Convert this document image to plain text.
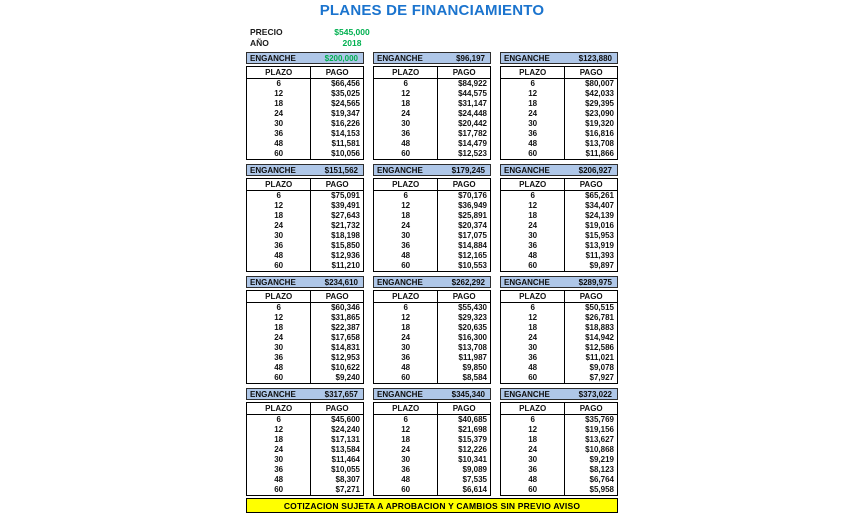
PLANES DE FINANCIAMIENTO
PRECIO	$545,000
AÑO	2018
ENGANCHE	$200,000
PLAZO	PAGO
6	$66,456
12	$35,025
18	$24,565
24	$19,347
30	$16,226
36	$14,153
48	$11,581
60	$10,056
ENGANCHE	$96,197
PLAZO	PAGO
6	$84,922
12	$44,575
18	$31,147
24	$24,448
30	$20,442
36	$17,782
48	$14,479
60	$12,523
ENGANCHE	$123,880
PLAZO	PAGO
6	$80,007
12	$42,033
18	$29,395
24	$23,090
30	$19,320
36	$16,816
48	$13,708
60	$11,866
ENGANCHE	$151,562
PLAZO	PAGO
6	$75,091
12	$39,491
18	$27,643
24	$21,732
30	$18,198
36	$15,850
48	$12,936
60	$11,210
ENGANCHE	$179,245
PLAZO	PAGO
6	$70,176
12	$36,949
18	$25,891
24	$20,374
30	$17,075
36	$14,884
48	$12,165
60	$10,553
ENGANCHE	$206,927
PLAZO	PAGO
6	$65,261
12	$34,407
18	$24,139
24	$19,016
30	$15,953
36	$13,919
48	$11,393
60	$9,897
ENGANCHE	$234,610
PLAZO	PAGO
6	$60,346
12	$31,865
18	$22,387
24	$17,658
30	$14,831
36	$12,953
48	$10,622
60	$9,240
ENGANCHE	$262,292
PLAZO	PAGO
6	$55,430
12	$29,323
18	$20,635
24	$16,300
30	$13,708
36	$11,987
48	$9,850
60	$8,584
ENGANCHE	$289,975
PLAZO	PAGO
6	$50,515
12	$26,781
18	$18,883
24	$14,942
30	$12,586
36	$11,021
48	$9,078
60	$7,927
ENGANCHE	$317,657
PLAZO	PAGO
6	$45,600
12	$24,240
18	$17,131
24	$13,584
30	$11,464
36	$10,055
48	$8,307
60	$7,271
ENGANCHE	$345,340
PLAZO	PAGO
6	$40,685
12	$21,698
18	$15,379
24	$12,226
30	$10,341
36	$9,089
48	$7,535
60	$6,614
ENGANCHE	$373,022
PLAZO	PAGO
6	$35,769
12	$19,156
18	$13,627
24	$10,868
30	$9,219
36	$8,123
48	$6,764
60	$5,958
COTIZACION SUJETA A APROBACION Y CAMBIOS SIN PREVIO AVISO
